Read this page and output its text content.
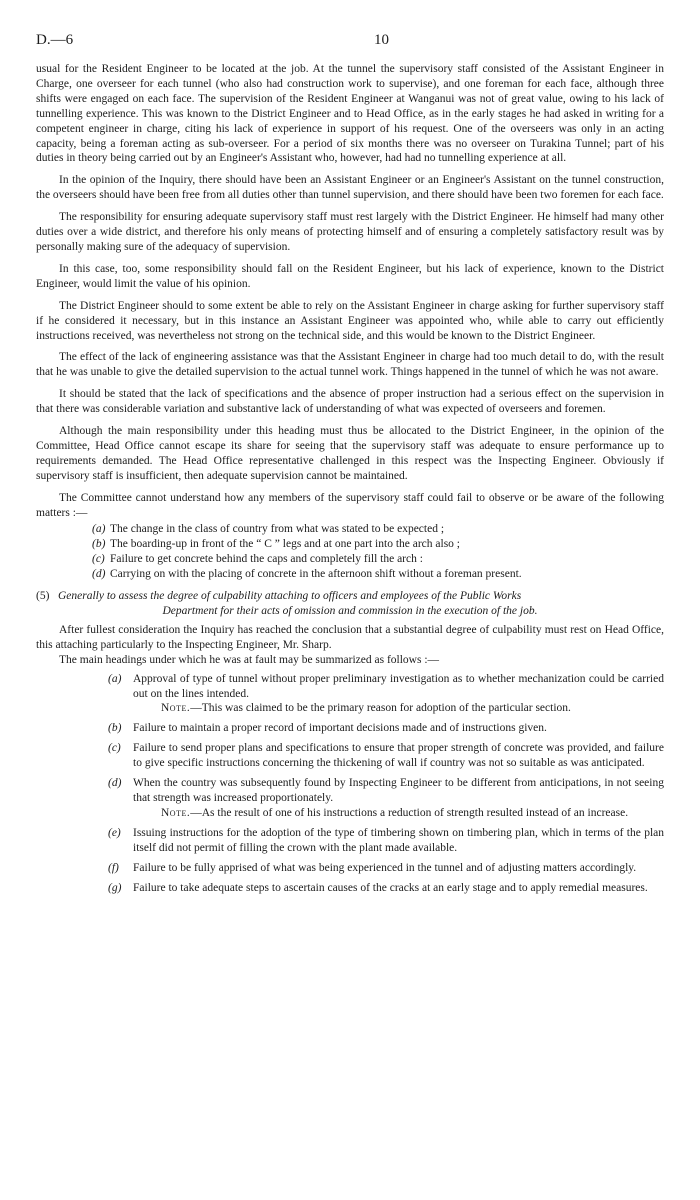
D.—6	10

usual for the Resident Engineer to be located at the job. At the tunnel the supervisory staff consisted of the Assistant Engineer in Charge, one overseer for each tunnel (who also had construction work to supervise), and one foreman for each face, although three shifts were engaged on each face. The supervision of the Resident Engineer at Wanganui was not of great value, owing to his lack of tunnelling experience. This was known to the District Engineer and to Head Office, as in the early stages he had asked in writing for a competent engineer in charge, citing his lack of experience in support of his request. One of the overseers was only in an acting capacity, being a foreman acting as sub-overseer. For a period of six months there was no overseer on Turakina Tunnel; part of his duties in theory being carried out by an Engineer's Assistant who, however, had had no tunnelling experience at all.

In the opinion of the Inquiry, there should have been an Assistant Engineer or an Engineer's Assistant on the tunnel construction, the overseers should have been free from all duties other than tunnel supervision, and there should have been two foremen for each face.

The responsibility for ensuring adequate supervisory staff must rest largely with the District Engineer. He himself had many other duties over a wide district, and therefore his only means of protecting himself and of ensuring a completely satisfactory result was by personally making sure of the adequacy of supervision.

In this case, too, some responsibility should fall on the Resident Engineer, but his lack of experience, known to the District Engineer, would limit the value of his opinion.

The District Engineer should to some extent be able to rely on the Assistant Engineer in charge asking for further supervisory staff if he considered it necessary, but in this instance an Assistant Engineer was appointed who, while able to carry out efficiently instructions received, was nevertheless not strong on the technical side, and this would be known to the District Engineer.

The effect of the lack of engineering assistance was that the Assistant Engineer in charge had too much detail to do, with the result that he was unable to give the detailed supervision to the actual tunnel work. Things happened in the tunnel of which he was not aware.

It should be stated that the lack of specifications and the absence of proper instruction had a serious effect on the supervision in that there was considerable variation and substantive lack of understanding of what was expected of overseers and foremen.

Although the main responsibility under this heading must thus be allocated to the District Engineer, in the opinion of the Committee, Head Office cannot escape its share for seeing that the supervisory staff was adequate to ensure performance up to requirements demanded. The Head Office representative challenged in this respect was the Inspecting Engineer. Obviously if supervisory staff is insufficient, then adequate supervision cannot be maintained.

The Committee cannot understand how any members of the supervisory staff could fail to observe or be aware of the following matters :—

(a) The change in the class of country from what was stated to be expected ;
(b) The boarding-up in front of the “ C ” legs and at one part into the arch also ;
(c) Failure to get concrete behind the caps and completely fill the arch :
(d) Carrying on with the placing of concrete in the afternoon shift without a foreman present.
(5) Generally to assess the degree of culpability attaching to officers and employees of the Public Works
Department for their acts of omission and commission in the execution of the job.

After fullest consideration the Inquiry has reached the conclusion that a substantial degree of culpability must rest on Head Office, this attaching particularly to the Inspecting Engineer, Mr. Sharp.

The main headings under which he was at fault may be summarized as follows :—

(a) Approval of type of tunnel without proper preliminary investigation as to whether mechanization could be carried out on the lines intended.
Note.—This was claimed to be the primary reason for adoption of the particular section.
(b) Failure to maintain a proper record of important decisions made and of instructions given.
(c) Failure to send proper plans and specifications to ensure that proper strength of concrete was provided, and failure to give specific instructions concerning the thickening of wall if country was not so suitable as was anticipated.
(d) When the country was subsequently found by Inspecting Engineer to be different from anticipations, in not seeing that strength was increased proportionately.
Note.—As the result of one of his instructions a reduction of strength resulted instead of an increase.
(e) Issuing instructions for the adoption of the type of timbering shown on timbering plan, which in terms of the plan itself did not permit of filling the crown with the plant made available.
(f) Failure to be fully apprised of what was being experienced in the tunnel and of adjusting matters accordingly.
(g) Failure to take adequate steps to ascertain causes of the cracks at an early stage and to apply remedial measures.
